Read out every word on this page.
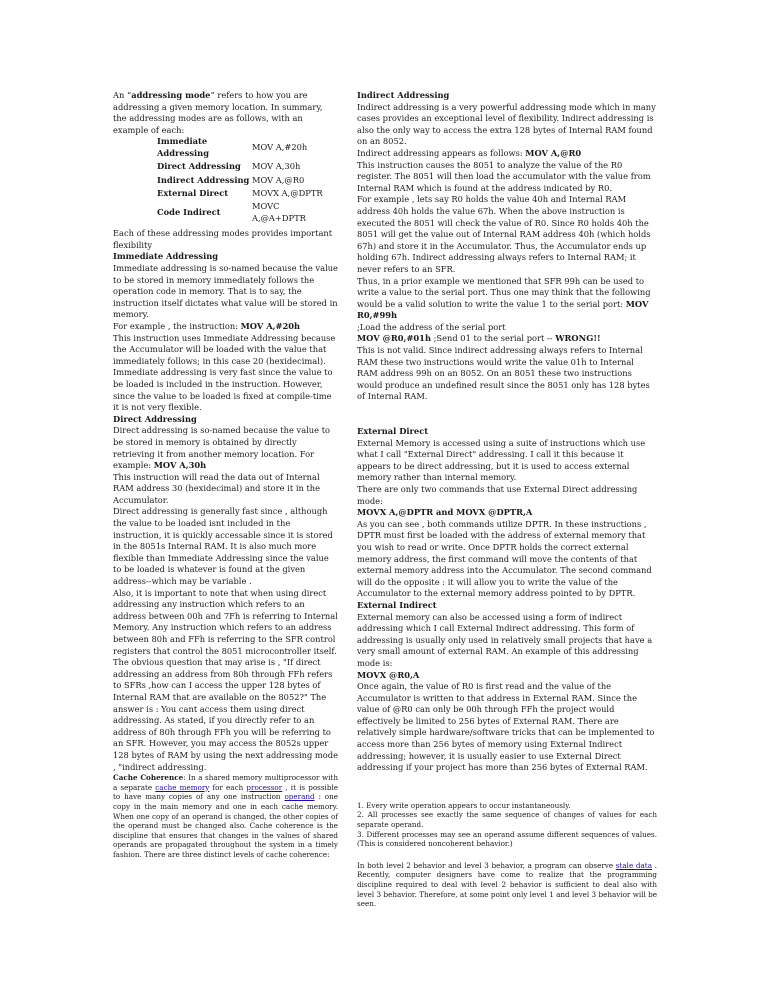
An “addressing mode” refers to how you are addressing a given memory location. In summary, the addressing modes are as follows, with an example of each:

Immediate Addressing	MOV A,#20h
Direct Addressing	MOV A,30h
Indirect Addressing	MOV A,@R0
External Direct	MOVX A,@DPTR
Code Indirect	MOVC A,@A+DPTR

Each of these addressing modes provides important flexibility

Immediate Addressing

Immediate addressing is so-named because the value to be stored in memory immediately follows the operation code in memory. That is to say, the instruction itself dictates what value will be stored in memory.

For example , the instruction: MOV A,#20h

This instruction uses Immediate Addressing because the Accumulator will be loaded with the value that immediately follows; in this case 20 (hexidecimal).

Immediate addressing is very fast since the value to be loaded is included in the instruction. However, since the value to be loaded is fixed at compile-time it is not very flexible.

Direct Addressing

Direct addressing is so-named because the value to be stored in memory is obtained by directly retrieving it from another memory location. For example: MOV A,30h

This instruction will read the data out of Internal RAM address 30 (hexidecimal) and store it in the Accumulator.

Direct addressing is generally fast since , although the value to be loaded isnt included in the instruction, it is quickly accessable since it is stored in the 8051s Internal RAM. It is also much more flexible than Immediate Addressing since the value to be loaded is whatever is found at the given address--which may be variable .

Also, it is important to note that when using direct addressing any instruction which refers to an address between 00h and 7Fh is referring to Internal Memory. Any instruction which refers to an address between 80h and FFh is referring to the SFR control registers that control the 8051 microcontroller itself.

The obvious question that may arise is , "If direct addressing an address from 80h through FFh refers to SFRs ,how can I access the upper 128 bytes of Internal RAM that are available on the 8052?" The answer is : You cant access them using direct addressing. As stated, if you directly refer to an address of 80h through FFh you will be referring to an SFR. However, you may access the 8052s upper 128 bytes of RAM by using the next addressing mode , "indirect addressing.

Cache Coherence: In a shared memory multiprocessor with a separate cache memory for each processor , it is possible to have many copies of any one instruction operand : one copy in the main memory and one in each cache memory. When one copy of an operand is changed, the other copies of the operand must be changed also. Cache coherence is the discipline that ensures that changes in the values of shared operands are propagated throughout the system in a timely fashion. There are three distinct levels of cache coherence:

Indirect Addressing

Indirect addressing is a very powerful addressing mode which in many cases provides an exceptional level of flexibility. Indirect addressing is also the only way to access the extra 128 bytes of Internal RAM found on an 8052.

Indirect addressing appears as follows: MOV A,@R0

This instruction causes the 8051 to analyze the value of the R0 register. The 8051 will then load the accumulator with the value from Internal RAM which is found at the address indicated by R0.

For example , lets say R0 holds the value 40h and Internal RAM address 40h holds the value 67h. When the above instruction is executed the 8051 will check the value of R0. Since R0 holds 40h the 8051 will get the value out of Internal RAM address 40h (which holds 67h) and store it in the Accumulator. Thus, the Accumulator ends up holding 67h. Indirect addressing always refers to Internal RAM; it never refers to an SFR.

Thus, in a prior example we mentioned that SFR 99h can be used to write a value to the serial port. Thus one may think that the following would be a valid solution to write the value 1 to the serial port: MOV R0,#99h

;Load the address of the serial port

MOV @R0,#01h ;Send 01 to the serial port -- WRONG!!

This is not valid. Since indirect addressing always refers to Internal RAM these two instructions would write the value 01h to Internal RAM address 99h on an 8052. On an 8051 these two instructions would produce an undefined result since the 8051 only has 128 bytes of Internal RAM.

External Direct

External Memory is accessed using a suite of instructions which use what I call "External Direct" addressing. I call it this because it appears to be direct addressing, but it is used to access external memory rather than internal memory.

There are only two commands that use External Direct addressing mode:

MOVX A,@DPTR and MOVX @DPTR,A

As you can see , both commands utilize DPTR. In these instructions , DPTR must first be loaded with the address of external memory that you wish to read or write. Once DPTR holds the correct external memory address, the first command will move the contents of that external memory address into the Accumulator. The second command will do the opposite : it will allow you to write the value of the Accumulator to the external memory address pointed to by DPTR.

External Indirect

External memory can also be accessed using a form of indirect addressing which I call External Indirect addressing. This form of addressing is usually only used in relatively small projects that have a very small amount of external RAM. An example of this addressing mode is:

MOVX @R0,A

Once again, the value of R0 is first read and the value of the Accumulator is written to that address in External RAM. Since the value of @R0 can only be 00h through FFh the project would effectively be limited to 256 bytes of External RAM. There are relatively simple hardware/software tricks that can be implemented to access more than 256 bytes of memory using External Indirect addressing; however, it is usually easier to use External Direct addressing if your project has more than 256 bytes of External RAM.

1. Every write operation appears to occur instantaneously.

2. All processes see exactly the same sequence of changes of values for each separate operand.

3. Different processes may see an operand assume different sequences of values. (This is considered noncoherent behavior.)

In both level 2 behavior and level 3 behavior, a program can observe stale data . Recently, computer designers have come to realize that the programming discipline required to deal with level 2 behavior is sufficient to deal also with level 3 behavior. Therefore, at some point only level 1 and level 3 behavior will be seen.
